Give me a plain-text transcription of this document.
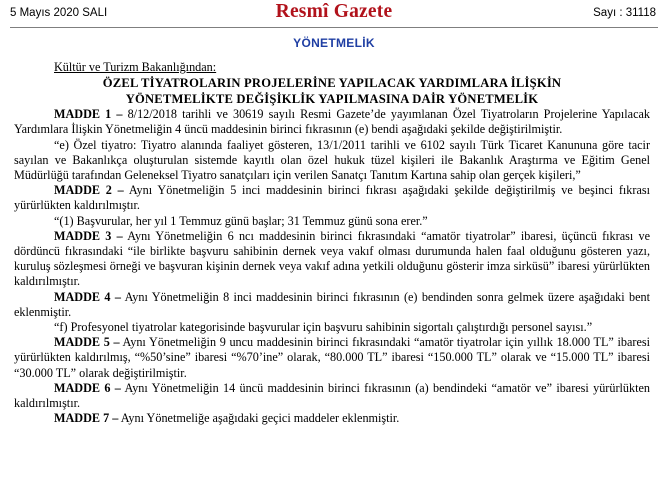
5 Mayıs 2020 SALI	Resmî Gazete	Sayı : 31118
YÖNETMELİK
Kültür ve Turizm Bakanlığından:
ÖZEL TİYATROLARIN PROJELERİNE YAPILACAK YARDIMLARA İLİŞKİN
YÖNETMELİKTE DEĞİŞİKLİK YAPILMASINA DAİR YÖNETMELİK

MADDE 1 – 8/12/2018 tarihli ve 30619 sayılı Resmi Gazete’de yayımlanan Özel Tiyatroların Projelerine Yapılacak Yardımlara İlişkin Yönetmeliğin 4 üncü maddesinin birinci fıkrasının (e) bendi aşağıdaki şekilde değiştirilmiştir.

“e) Özel tiyatro: Tiyatro alanında faaliyet gösteren, 13/1/2011 tarihli ve 6102 sayılı Türk Ticaret Kanununa göre tacir sayılan ve Bakanlıkça oluşturulan sistemde kayıtlı olan özel hukuk tüzel kişileri ile Bakanlık Araştırma ve Eğitim Genel Müdürlüğü tarafından Geleneksel Tiyatro sanatçıları için verilen Sanatçı Tanıtım Kartına sahip olan gerçek kişileri,”

MADDE 2 – Aynı Yönetmeliğin 5 inci maddesinin birinci fıkrası aşağıdaki şekilde değiştirilmiş ve beşinci fıkrası yürürlükten kaldırılmıştır.

“(1) Başvurular, her yıl 1 Temmuz günü başlar; 31 Temmuz günü sona erer.”

MADDE 3 – Aynı Yönetmeliğin 6 ncı maddesinin birinci fıkrasındaki “amatör tiyatrolar” ibaresi, üçüncü fıkrası ve dördüncü fıkrasındaki “ile birlikte başvuru sahibinin dernek veya vakıf olması durumunda halen faal olduğunu gösteren yazı, kuruluş sözleşmesi örneği ve başvuran kişinin dernek veya vakıf adına yetkili olduğunu gösterir imza sirküsü” ibaresi yürürlükten kaldırılmıştır.

MADDE 4 – Aynı Yönetmeliğin 8 inci maddesinin birinci fıkrasının (e) bendinden sonra gelmek üzere aşağıdaki bent eklenmiştir.

“f) Profesyonel tiyatrolar kategorisinde başvurular için başvuru sahibinin sigortalı çalıştırdığı personel sayısı.”

MADDE 5 – Aynı Yönetmeliğin 9 uncu maddesinin birinci fıkrasındaki “amatör tiyatrolar için yıllık 18.000 TL” ibaresi yürürlükten kaldırılmış, “%50’sine” ibaresi “%70’ine” olarak, “80.000 TL” ibaresi “150.000 TL” olarak ve “15.000 TL” ibaresi “30.000 TL” olarak değiştirilmiştir.

MADDE 6 – Aynı Yönetmeliğin 14 üncü maddesinin birinci fıkrasının (a) bendindeki “amatör ve” ibaresi yürürlükten kaldırılmıştır.

MADDE 7 – Aynı Yönetmeliğe aşağıdaki geçici maddeler eklenmiştir.
